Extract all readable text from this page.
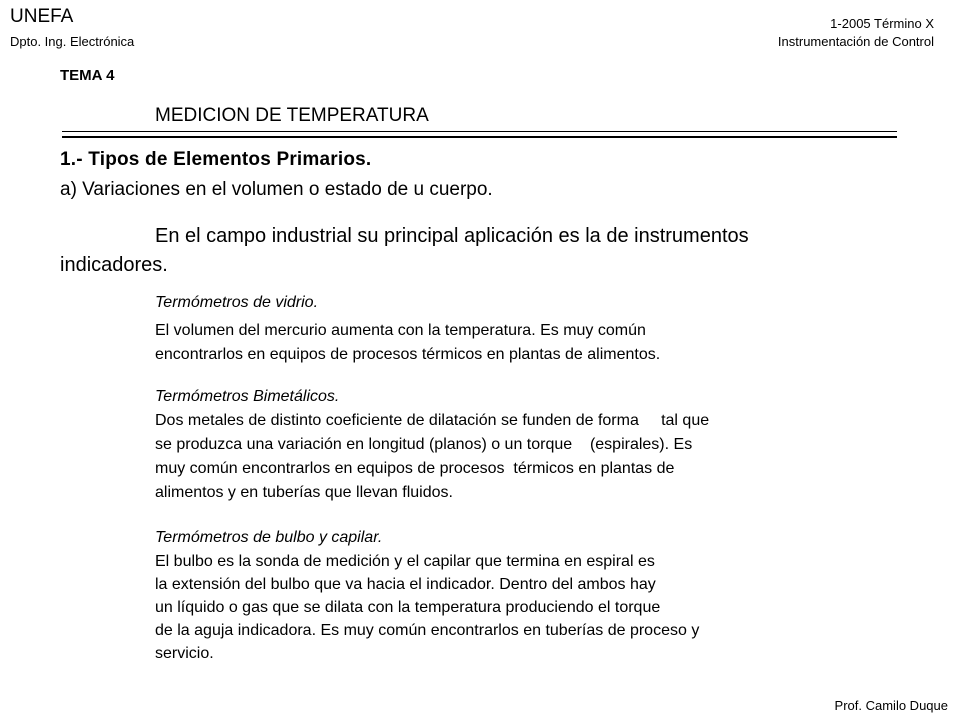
UNEFA
Dpto. Ing. Electrónica
1-2005 Término X
Instrumentación de Control
TEMA 4
MEDICION DE TEMPERATURA
1.- Tipos de Elementos Primarios.
a) Variaciones en el volumen o estado de u cuerpo.
En el campo industrial su principal aplicación es la de instrumentos
indicadores.
Termómetros de vidrio.
El volumen del mercurio aumenta con la temperatura. Es muy común
encontrarlos en equipos de procesos térmicos en plantas de alimentos.
Termómetros Bimetálicos.
Dos metales de distinto coeficiente de dilatación se funden de forma     tal que
se produzca una variación en longitud (planos) o un torque    (espirales). Es
muy común encontrarlos en equipos de procesos  térmicos en plantas de
alimentos y en tuberías que llevan fluidos.
Termómetros de bulbo y capilar.
El bulbo es la sonda de medición y el capilar que termina en espiral es
la extensión del bulbo que va hacia el indicador. Dentro del ambos hay
un líquido o gas que se dilata con la temperatura produciendo el torque
de la aguja indicadora. Es muy común encontrarlos en tuberías de proceso y
servicio.
Prof. Camilo Duque
